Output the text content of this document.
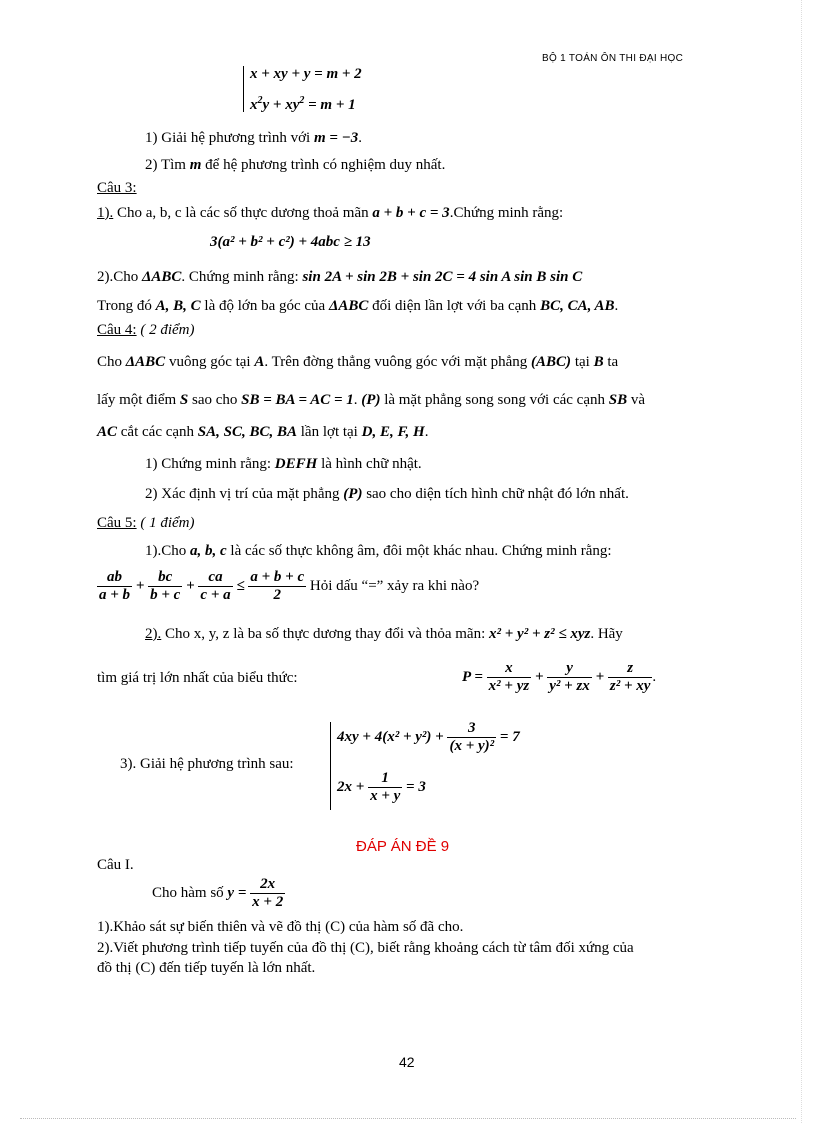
BỘ 1 TOÁN ÔN THI ĐẠI HỌC
x + xy + y = m + 2
$x^2y + xy^2 = m + 1$
1) Giải hệ phương trình với m = −3.
2) Tìm m để hệ phương trình có nghiệm duy nhất.
Câu 3:
1). Cho a, b, c là các số thực dương thoả mãn a + b + c = 3.Chứng minh rằng:
3(a² + b² + c²) + 4abc ≥ 13
2).Cho ΔABC. Chứng minh rằng: sin 2A + sin 2B + sin 2C = 4 sin A sin B sin C
Trong đó A, B, C là độ lớn ba góc của ΔABC đối diện lần lợt với ba cạnh BC, CA, AB.
Câu 4: ( 2 điểm)
Cho ΔABC vuông góc tại A. Trên đờng thẳng vuông góc với mặt phẳng (ABC) tại B ta
lấy một điểm S sao cho SB = BA = AC = 1. (P) là mặt phẳng song song với các cạnh SB và
AC cắt các cạnh SA, SC, BC, BA lần lợt tại D, E, F, H.
1) Chứng minh rằng: DEFH là hình chữ nhật.
2) Xác định vị trí của mặt phẳng (P) sao cho diện tích hình chữ nhật đó lớn nhất.
Câu 5: ( 1 điểm)
1).Cho a, b, c là các số thực không âm, đôi một khác nhau. Chứng minh rằng:
$\frac{ab}{a + b} + \frac{bc}{b + c} + \frac{ca}{c + a} \le \frac{a + b + c}{2}$ Hỏi dấu “=” xảy ra khi nào?
2). Cho x, y, z là ba số thực dương thay đổi và thỏa mãn: x² + y² + z² ≤ xyz. Hãy
tìm giá trị lớn nhất của biểu thức:	$P = \frac{x}{\text{x² + yz}} + \frac{y}{\text{y² + zx}} + \frac{z}{\text{z² + xy}}$ .
3). Giải hệ phương trình sau:
$4xy + 4(x^2 + y^2) + \frac{3}{\text{(x + y)²}} = 7$
$2x + \frac{1}{x + y} = 3$
ĐÁP ÁN ĐỀ 9
Câu I.
Cho hàm số $y = \frac{2x}{x + 2}$
1).Khảo sát sự biến thiên và vẽ đồ thị (C) của hàm số đã cho.
2).Viết phương trình tiếp tuyến của đồ thị (C), biết rằng khoảng cách từ tâm đối xứng của
đồ thị (C) đến tiếp tuyến là lớn nhất.
42
